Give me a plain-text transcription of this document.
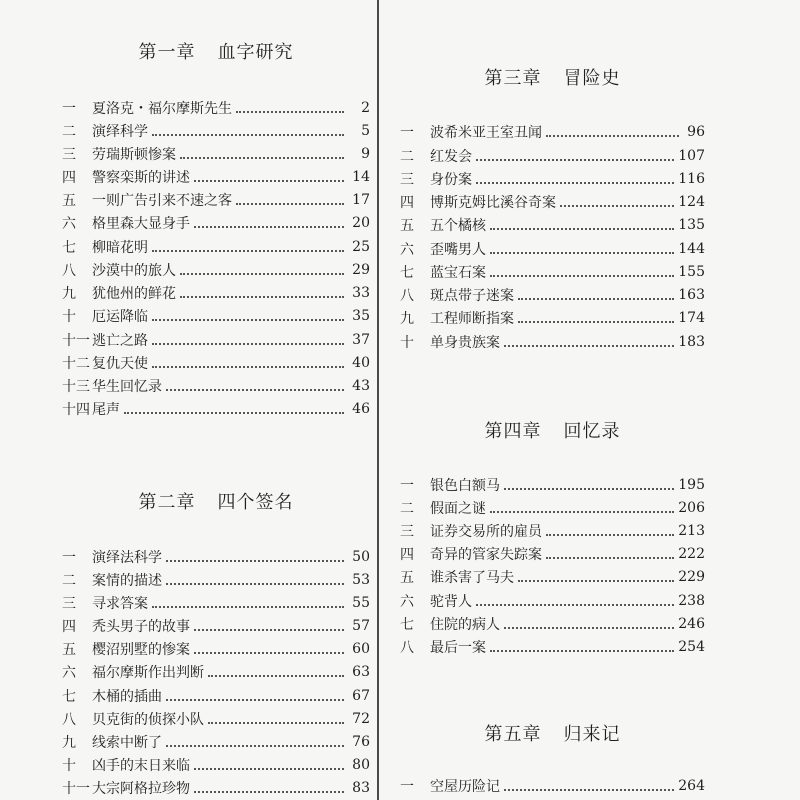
第一章 血字研究
一	夏洛克・福尔摩斯先生	2
二	演绎科学	5
三	劳瑞斯顿惨案	9
四	警察栾斯的讲述	14
五	一则广告引来不速之客	17
六	格里森大显身手	20
七	柳暗花明	25
八	沙漠中的旅人	29
九	犹他州的鲜花	33
十	厄运降临	35
十一 逃亡之路	37
十二 复仇天使	40
十三 华生回忆录	43
十四 尾声	46
第二章 四个签名
一	演绎法科学	50
二	案情的描述	53
三	寻求答案	55
四	秃头男子的故事	57
五	樱沼别墅的惨案	60
六	福尔摩斯作出判断	63
七	木桶的插曲	67
八	贝克街的侦探小队	72
九	线索中断了	76
十	凶手的末日来临	80
十一 大宗阿格拉珍物	83
第三章 冒险史
一	波希米亚王室丑闻	96
二	红发会	107
三	身份案	116
四	博斯克姆比溪谷奇案	124
五	五个橘核	135
六	歪嘴男人	144
七	蓝宝石案	155
八	斑点带子迷案	163
九	工程师断指案	174
十	单身贵族案	183
第四章 回忆录
一	银色白额马	195
二	假面之谜	206
三	证券交易所的雇员	213
四	奇异的管家失踪案	222
五	谁杀害了马夫	229
六	驼背人	238
七	住院的病人	246
八	最后一案	254
第五章 归来记
一	空屋历险记	264
